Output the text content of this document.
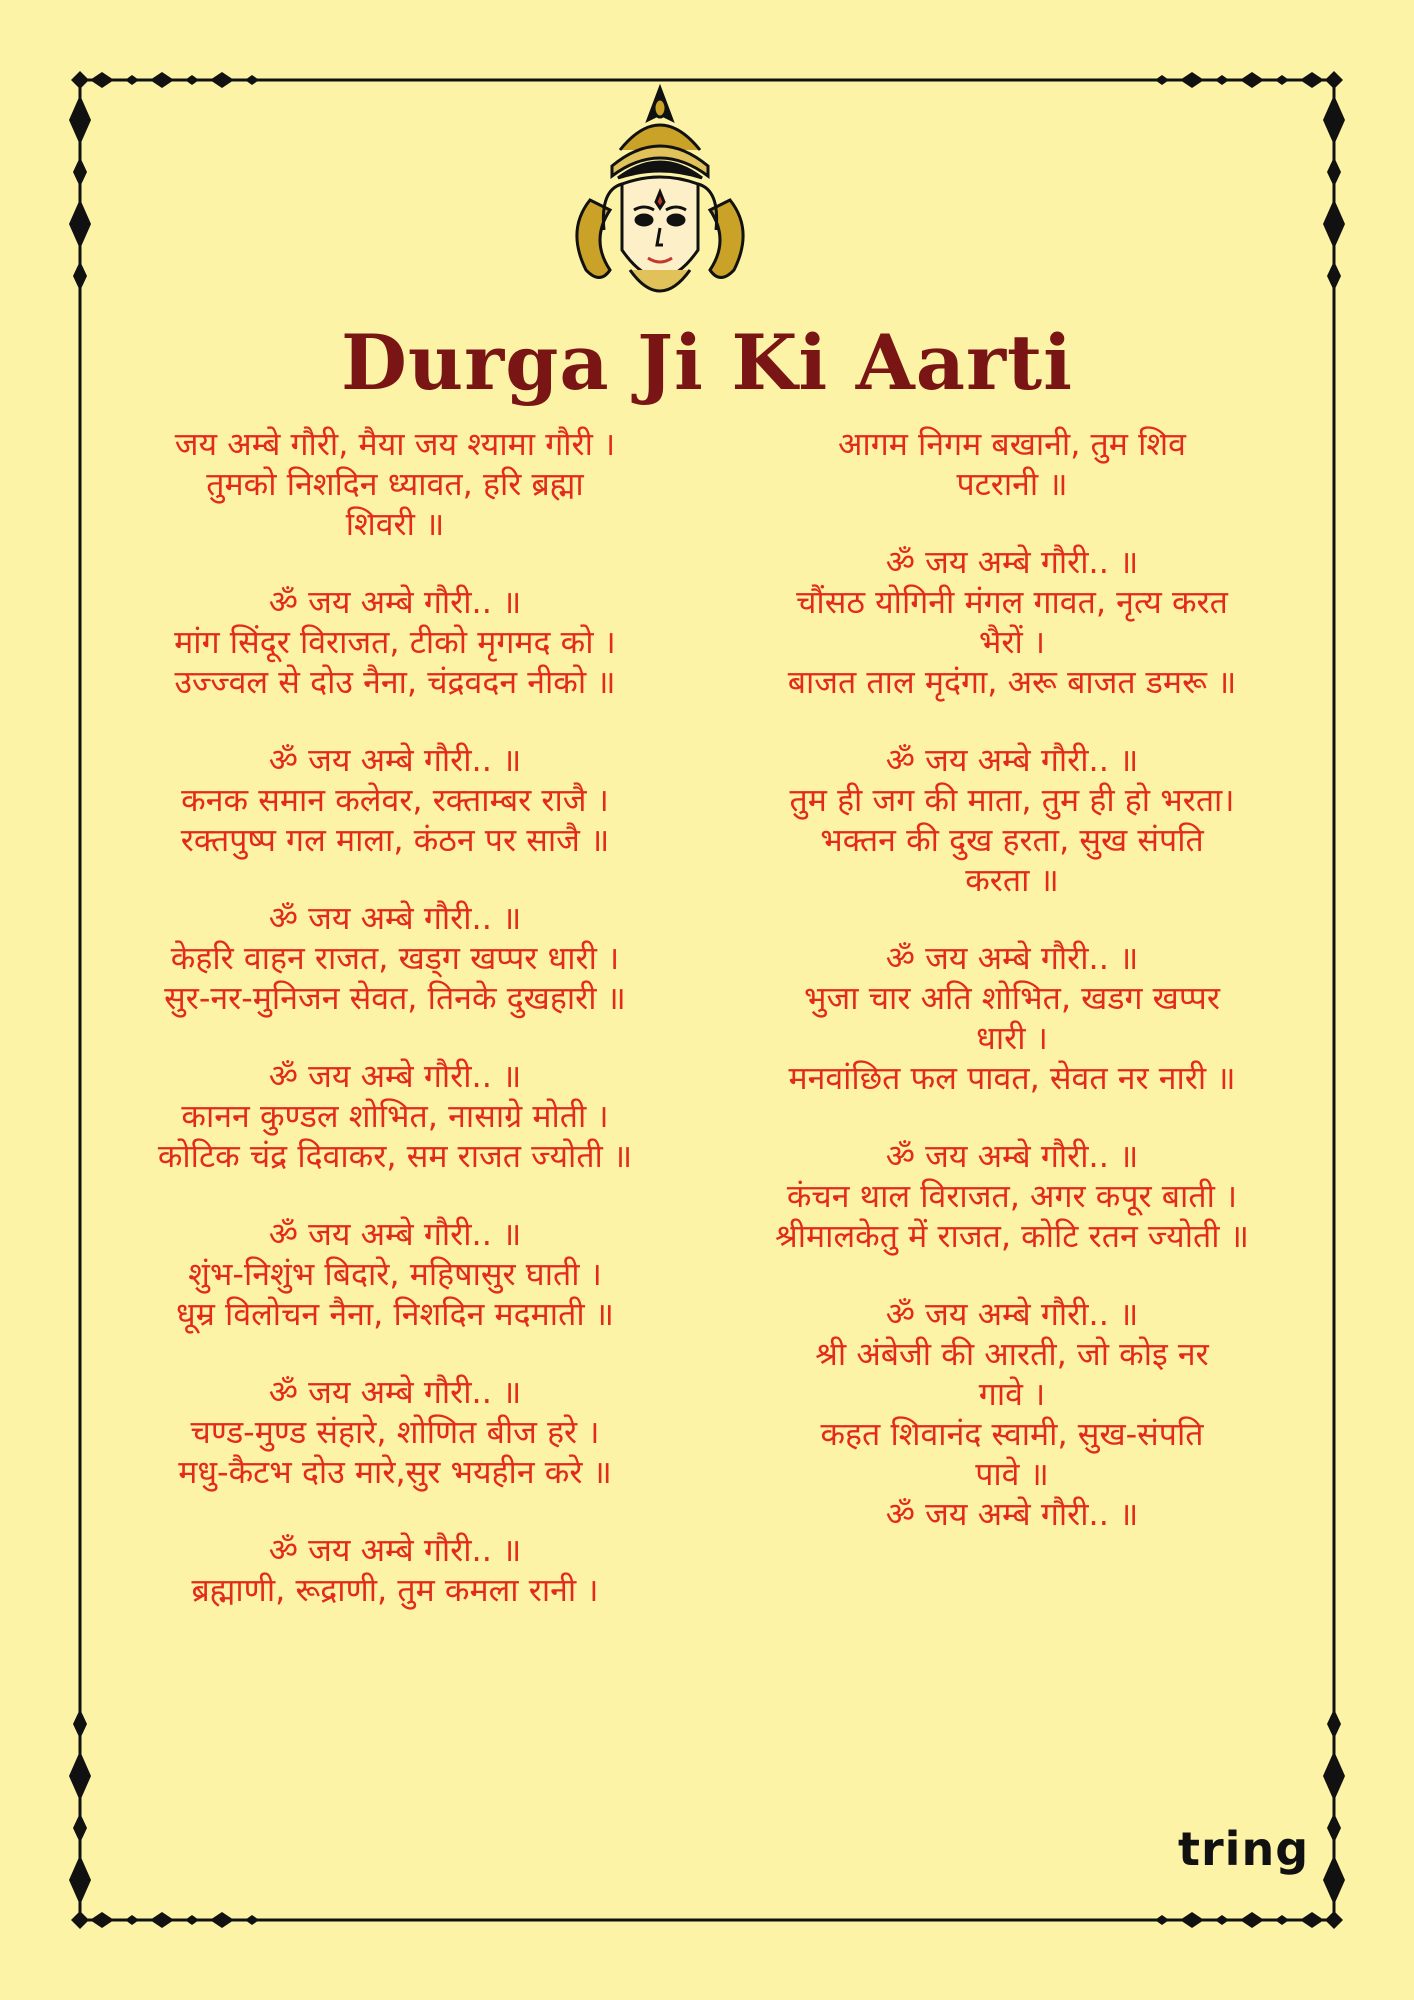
Durga Ji Ki Aarti
जय अम्बे गौरी, मैया जय श्यामा गौरी ।
तुमको निशदिन ध्यावत, हरि ब्रह्मा
शिवरी ॥
ॐ जय अम्बे गौरी.. ॥
मांग सिंदूर विराजत, टीको मृगमद को ।
उज्ज्वल से दोउ नैना, चंद्रवदन नीको ॥
ॐ जय अम्बे गौरी.. ॥
कनक समान कलेवर, रक्ताम्बर राजै ।
रक्तपुष्प गल माला, कंठन पर साजै ॥
ॐ जय अम्बे गौरी.. ॥
केहरि वाहन राजत, खड्ग खप्पर धारी ।
सुर-नर-मुनिजन सेवत, तिनके दुखहारी ॥
ॐ जय अम्बे गौरी.. ॥
कानन कुण्डल शोभित, नासाग्रे मोती ।
कोटिक चंद्र दिवाकर, सम राजत ज्योती ॥
ॐ जय अम्बे गौरी.. ॥
शुंभ-निशुंभ बिदारे, महिषासुर घाती ।
धूम्र विलोचन नैना, निशदिन मदमाती ॥
ॐ जय अम्बे गौरी.. ॥
चण्ड-मुण्ड संहारे, शोणित बीज हरे ।
मधु-कैटभ दोउ मारे,सुर भयहीन करे ॥
ॐ जय अम्बे गौरी.. ॥
ब्रह्माणी, रूद्राणी, तुम कमला रानी ।
आगम निगम बखानी, तुम शिव
पटरानी ॥
ॐ जय अम्बे गौरी.. ॥
चौंसठ योगिनी मंगल गावत, नृत्य करत
भैरों ।
बाजत ताल मृदंगा, अरू बाजत डमरू ॥
ॐ जय अम्बे गौरी.. ॥
तुम ही जग की माता, तुम ही हो भरता।
भक्तन की दुख हरता, सुख संपति
करता ॥
ॐ जय अम्बे गौरी.. ॥
भुजा चार अति शोभित, खडग खप्पर
धारी ।
मनवांछित फल पावत, सेवत नर नारी ॥
ॐ जय अम्बे गौरी.. ॥
कंचन थाल विराजत, अगर कपूर बाती ।
श्रीमालकेतु में राजत, कोटि रतन ज्योती ॥
ॐ जय अम्बे गौरी.. ॥
श्री अंबेजी की आरती, जो कोइ नर
गावे ।
कहत शिवानंद स्वामी, सुख-संपति
पावे ॥
ॐ जय अम्बे गौरी.. ॥
tring
